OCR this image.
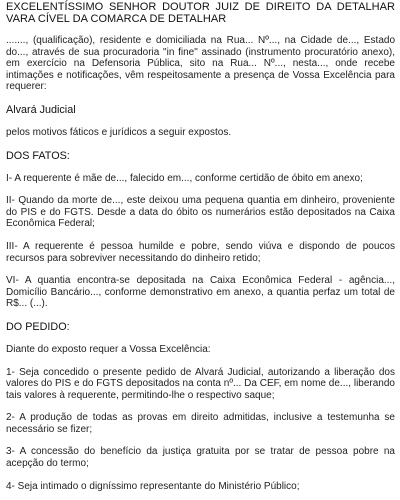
EXCELENTÍSSIMO SENHOR DOUTOR JUIZ DE DIREITO DA DETALHAR VARA CÍVEL DA COMARCA DE DETALHAR

......., (qualificação), residente e domiciliada na Rua... Nº..., na Cidade de..., Estado do..., através de sua procuradoria "in fine" assinado (instrumento procuratório anexo), em exercício na Defensoria Pública, sito na Rua... Nº..., nesta..., onde recebe intimações e notificações, vêm respeitosamente a presença de Vossa Excelência para requerer:

Alvará Judicial

pelos motivos fáticos e jurídicos a seguir expostos.

DOS FATOS:

I- A requerente é mãe de..., falecido em..., conforme certidão de óbito em anexo;

II- Quando da morte de..., este deixou uma pequena quantia em dinheiro, proveniente do PIS e do FGTS. Desde a data do óbito os numerários estão depositados na Caixa Econômica Federal;

III- A requerente é pessoa humilde e pobre, sendo viúva e dispondo de poucos recursos para sobreviver necessitando do dinheiro retido;

VI- A quantia encontra-se depositada na Caixa Econômica Federal - agência..., Domicílio Bancário..., conforme demonstrativo em anexo, a quantia perfaz um total de R$... (...).

DO PEDIDO:

Diante do exposto requer a Vossa Excelência:

1- Seja concedido o presente pedido de Alvará Judicial, autorizando a liberação dos valores do PIS e do FGTS depositados na conta nº... Da CEF, em nome de..., liberando tais valores à requerente, permitindo-lhe o respectivo saque;

2- A produção de todas as provas em direito admitidas, inclusive a testemunha se necessário se fizer;

3- A concessão do benefício da justiça gratuita por se tratar de pessoa pobre na acepção do termo;

4- Seja intimado o digníssimo representante do Ministério Público;
